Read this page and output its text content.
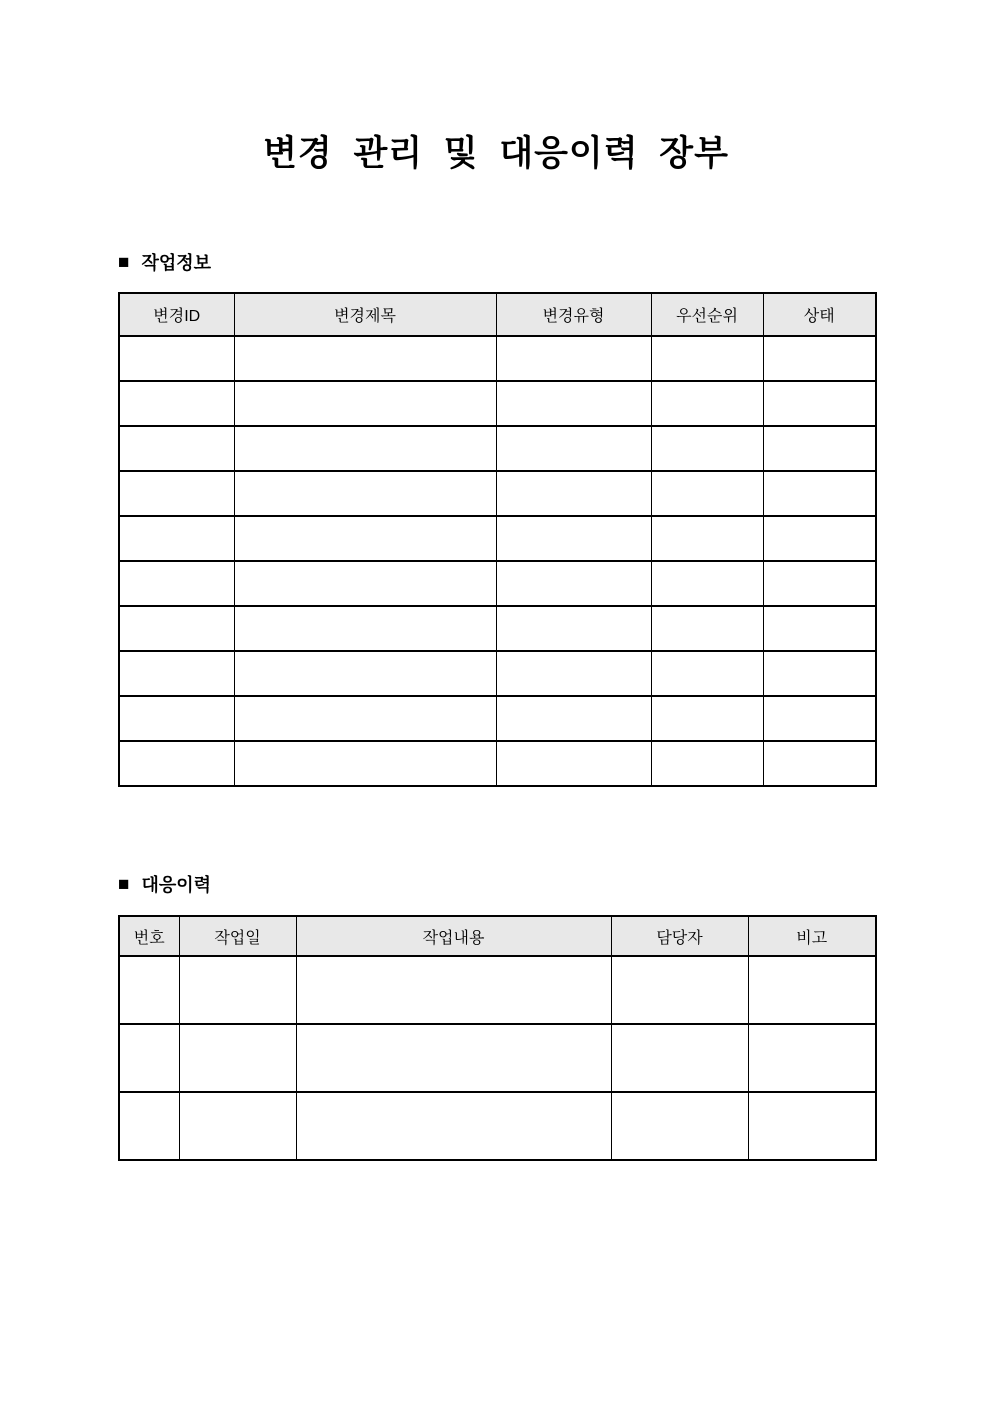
변경 관리 및 대응이력 장부
■ 작업정보
변경ID	변경제목	변경유형	우선순위	상태

■ 대응이력
번호	작업일	작업내용	담당자	비고
